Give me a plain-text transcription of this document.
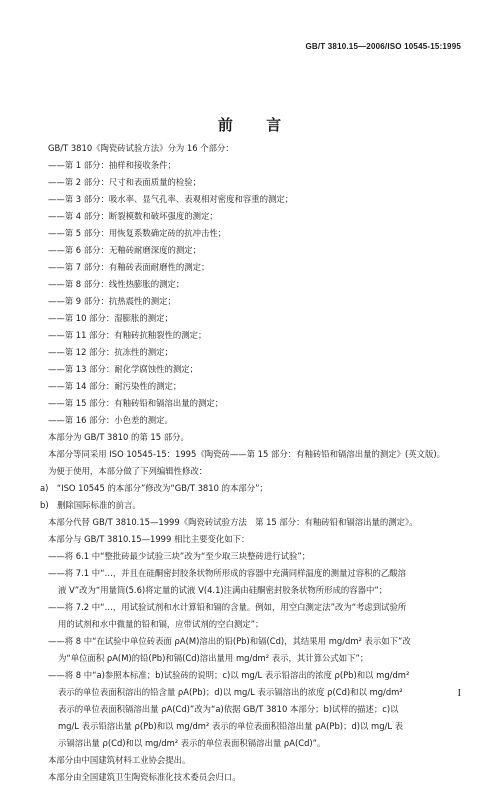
GB/T 3810.15—2006/ISO 10545-15:1995
前 言
GB/T 3810《陶瓷砖试验方法》分为 16 个部分：
——第 1 部分：抽样和接收条件；
——第 2 部分：尺寸和表面质量的检验；
——第 3 部分：吸水率、显气孔率、表观相对密度和容重的测定；
——第 4 部分：断裂模数和破坏强度的测定；
——第 5 部分：用恢复系数确定砖的抗冲击性；
——第 6 部分：无釉砖耐磨深度的测定；
——第 7 部分：有釉砖表面耐磨性的测定；
——第 8 部分：线性热膨胀的测定；
——第 9 部分：抗热震性的测定；
——第 10 部分：湿膨胀的测定；
——第 11 部分：有釉砖抗釉裂性的测定；
——第 12 部分：抗冻性的测定；
——第 13 部分：耐化学腐蚀性的测定；
——第 14 部分：耐污染性的测定；
——第 15 部分：有釉砖铅和镉溶出量的测定；
——第 16 部分：小色差的测定。
本部分为 GB/T 3810 的第 15 部分。
本部分等同采用 ISO 10545-15：1995《陶瓷砖——第 15 部分：有釉砖铅和镉溶出量的测定》(英文版)。
为便于使用，本部分做了下列编辑性修改：
a)　“ISO 10545 的本部分”修改为“GB/T 3810 的本部分”；
b)　删除国际标准的前言。
本部分代替 GB/T 3810.15—1999《陶瓷砖试验方法　第 15 部分：有釉砖铅和镉溶出量的测定》。
本部分与 GB/T 3810.15—1999 相比主要变化如下：
——将 6.1 中“整批砖最少试验三块”改为“至少取三块整砖进行试验”；
——将 7.1 中“…，并且在硅酮密封胶条状物所形成的容器中充满同样温度的测量过容积的乙酸溶
液 V”改为“用量筒(5.6)将定量的试液 V(4.1)注满由硅酮密封胶条状物所形成的容器中”；
——将 7.2 中“…，用试验试剂和水计算铅和镉的含量。例如，用空白测定法”改为“考虑到试验所
用的试剂和水中微量的铅和镉，应带试剂的空白测定”；
——将 8 中“在试验中单位砖表面 ρA(M)溶出的铅(Pb)和镉(Cd)，其结果用 mg/dm² 表示如下”改
为“单位面积 ρA(M)的铅(Pb)和镉(Cd)溶出量用 mg/dm² 表示，其计算公式如下”；
——将 8 中“a)参照本标准；b)试验砖的说明；c)以 mg/L 表示铅溶出的浓度 ρ(Pb)和以 mg/dm²
表示的单位表面积溶出的铅含量 ρA(Pb)；d)以 mg/L 表示镉溶出的浓度 ρ(Cd)和以 mg/dm²
表示的单位表面积镉溶出量 ρA(Cd)”改为“a)依据 GB/T 3810 本部分；b)试样的描述；c)以
mg/L 表示铅溶出量 ρ(Pb)和以 mg/dm² 表示的单位表面积铅溶出量 ρA(Pb)；d)以 mg/L 表
示镉溶出量 ρ(Cd)和以 mg/dm² 表示的单位表面积镉溶出量 ρA(Cd)”。
本部分由中国建筑材料工业协会提出。
本部分由全国建筑卫生陶瓷标准化技术委员会归口。
I
